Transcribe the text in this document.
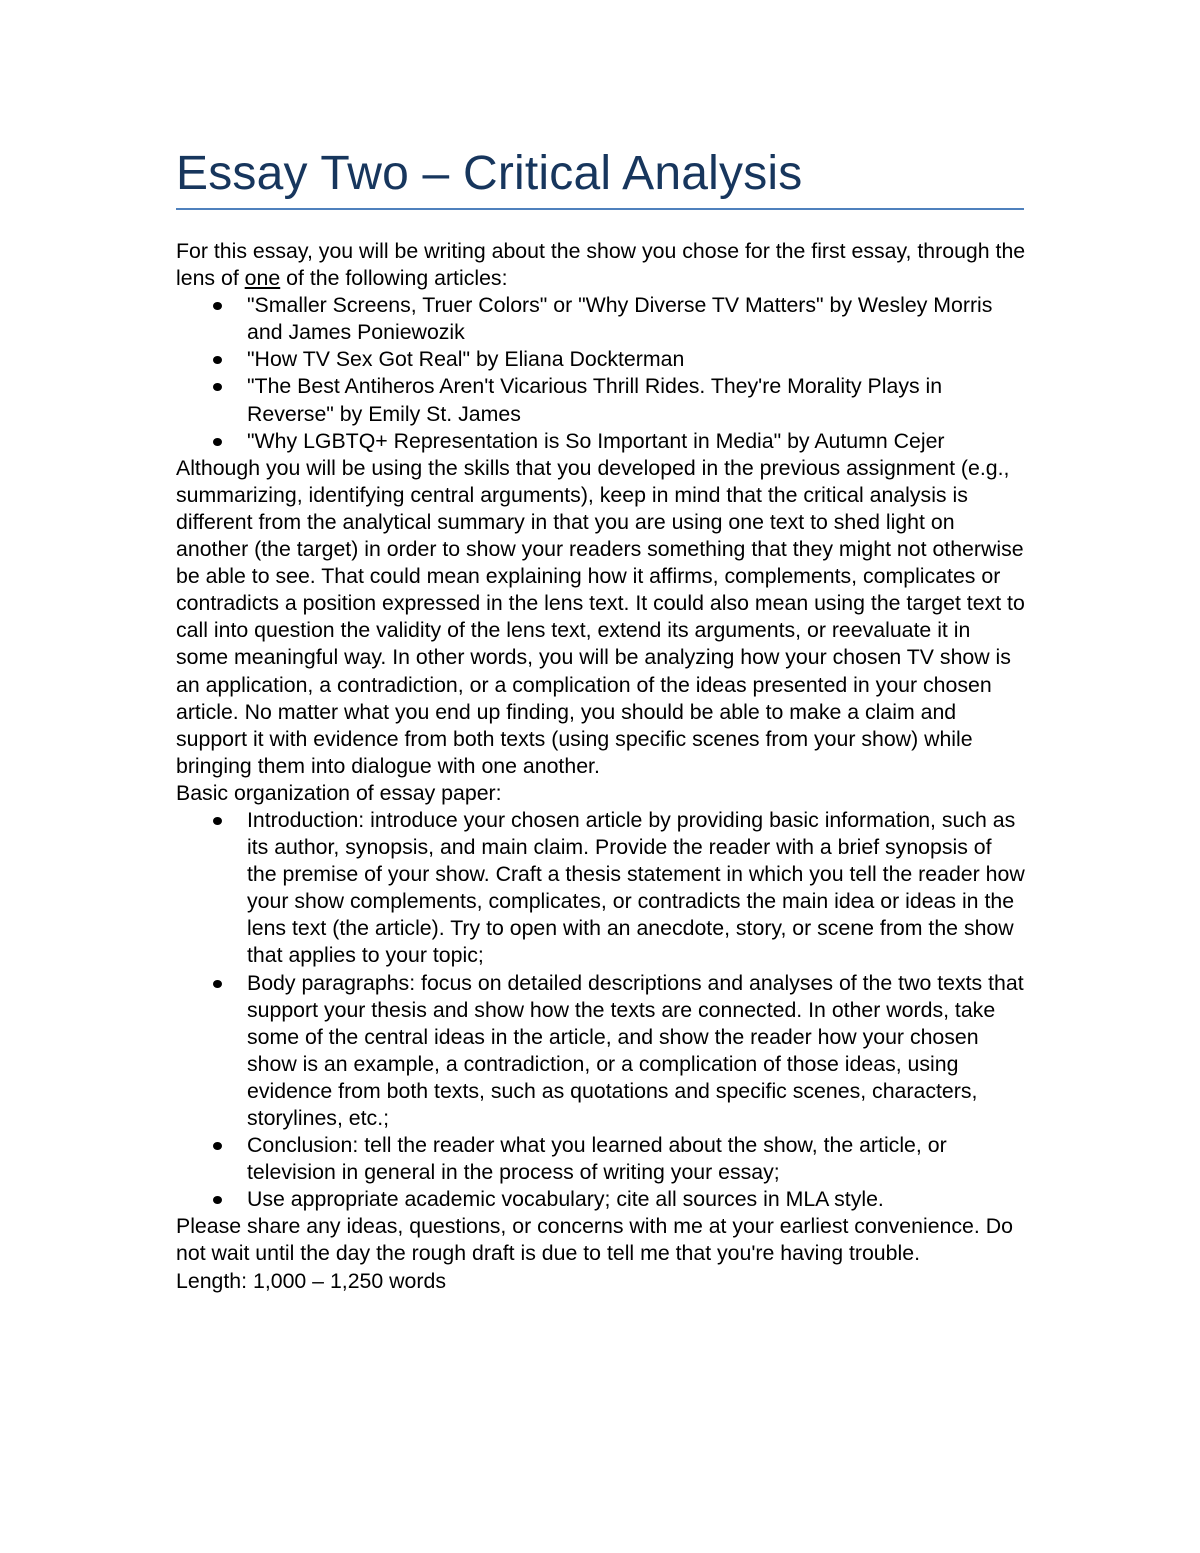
Essay Two – Critical Analysis

For this essay, you will be writing about the show you chose for the first essay, through the lens of one of the following articles:

"Smaller Screens, Truer Colors" or "Why Diverse TV Matters" by Wesley Morris and James Poniewozik
"How TV Sex Got Real" by Eliana Dockterman
"The Best Antiheros Aren't Vicarious Thrill Rides. They're Morality Plays in Reverse" by Emily St. James
"Why LGBTQ+ Representation is So Important in Media" by Autumn Cejer

Although you will be using the skills that you developed in the previous assignment (e.g., summarizing, identifying central arguments), keep in mind that the critical analysis is different from the analytical summary in that you are using one text to shed light on another (the target) in order to show your readers something that they might not otherwise be able to see. That could mean explaining how it affirms, complements, complicates or contradicts a position expressed in the lens text. It could also mean using the target text to call into question the validity of the lens text, extend its arguments, or reevaluate it in some meaningful way. In other words, you will be analyzing how your chosen TV show is an application, a contradiction, or a complication of the ideas presented in your chosen article. No matter what you end up finding, you should be able to make a claim and support it with evidence from both texts (using specific scenes from your show) while bringing them into dialogue with one another.

Basic organization of essay paper:

Introduction: introduce your chosen article by providing basic information, such as its author, synopsis, and main claim. Provide the reader with a brief synopsis of the premise of your show. Craft a thesis statement in which you tell the reader how your show complements, complicates, or contradicts the main idea or ideas in the lens text (the article). Try to open with an anecdote, story, or scene from the show that applies to your topic;
Body paragraphs: focus on detailed descriptions and analyses of the two texts that support your thesis and show how the texts are connected. In other words, take some of the central ideas in the article, and show the reader how your chosen show is an example, a contradiction, or a complication of those ideas, using evidence from both texts, such as quotations and specific scenes, characters, storylines, etc.;
Conclusion: tell the reader what you learned about the show, the article, or television in general in the process of writing your essay;
Use appropriate academic vocabulary; cite all sources in MLA style.

Please share any ideas, questions, or concerns with me at your earliest convenience. Do not wait until the day the rough draft is due to tell me that you're having trouble.

Length: 1,000 – 1,250 words
